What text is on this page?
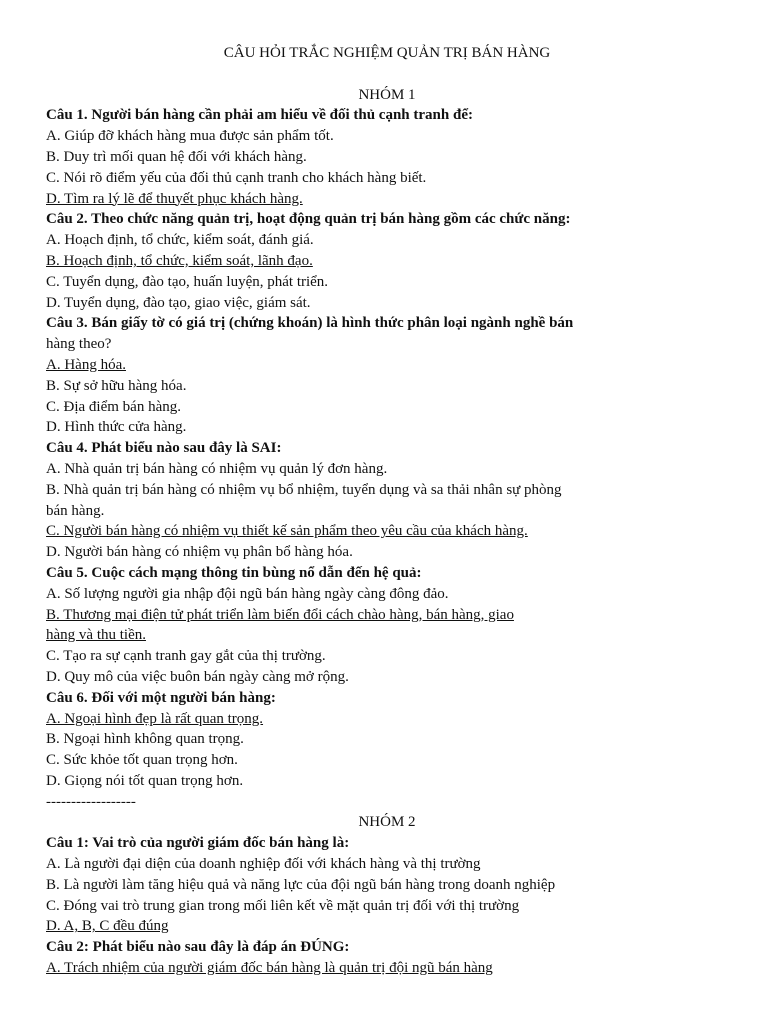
CÂU HỎI TRẮC NGHIỆM QUẢN TRỊ BÁN HÀNG

NHÓM 1

Câu 1. Người bán hàng cần phải am hiểu về đối thủ cạnh tranh để:

A. Giúp đỡ khách hàng mua được sản phẩm tốt.

B. Duy trì mối quan hệ đối với khách hàng.

C. Nói rõ điểm yếu của đối thủ cạnh tranh cho khách hàng biết.

D. Tìm ra lý lẽ để thuyết phục khách hàng.

Câu 2. Theo chức năng quản trị, hoạt động quản trị bán hàng gồm các chức năng:

A. Hoạch định, tổ chức, kiểm soát, đánh giá.

B. Hoạch định, tổ chức, kiểm soát, lãnh đạo.

C. Tuyển dụng, đào tạo, huấn luyện, phát triển.

D. Tuyển dụng, đào tạo, giao việc, giám sát.

Câu 3. Bán giấy tờ có giá trị (chứng khoán) là hình thức phân loại ngành nghề bán

hàng theo?

A. Hàng hóa.

B. Sự sở hữu hàng hóa.

C. Địa điểm bán hàng.

D. Hình thức cửa hàng.

Câu 4. Phát biểu nào sau đây là SAI:

A. Nhà quản trị bán hàng có nhiệm vụ quản lý đơn hàng.

B. Nhà quản trị bán hàng có nhiệm vụ bổ nhiệm, tuyển dụng và sa thải nhân sự phòng

bán hàng.

C. Người bán hàng có nhiệm vụ thiết kế sản phẩm theo yêu cầu của khách hàng.

D. Người bán hàng có nhiệm vụ phân bổ hàng hóa.

Câu 5. Cuộc cách mạng thông tin bùng nổ dẫn đến hệ quả:

A. Số lượng người gia nhập đội ngũ bán hàng ngày càng đông đảo.

B. Thương mại điện tử phát triển làm biến đổi cách chào hàng, bán hàng, giao

hàng và thu tiền.

C. Tạo ra sự cạnh tranh gay gắt của thị trường.

D. Quy mô của việc buôn bán ngày càng mở rộng.

Câu 6. Đối với một người bán hàng:

A. Ngoại hình đẹp là rất quan trọng.

B. Ngoại hình không quan trọng.

C. Sức khỏe tốt quan trọng hơn.

D. Giọng nói tốt quan trọng hơn.

------------------

NHÓM 2

Câu 1: Vai trò của người giám đốc bán hàng là:

A. Là người đại diện của doanh nghiệp đối với khách hàng và thị trường

B. Là người làm tăng hiệu quả và năng lực của đội ngũ bán hàng trong doanh nghiệp

C. Đóng vai trò trung gian trong mối liên kết về mặt quản trị đối với thị trường

D. A, B, C đều đúng

Câu 2: Phát biểu nào sau đây là đáp án ĐÚNG:

A. Trách nhiệm của người giám đốc bán hàng là quản trị đội ngũ bán hàng
